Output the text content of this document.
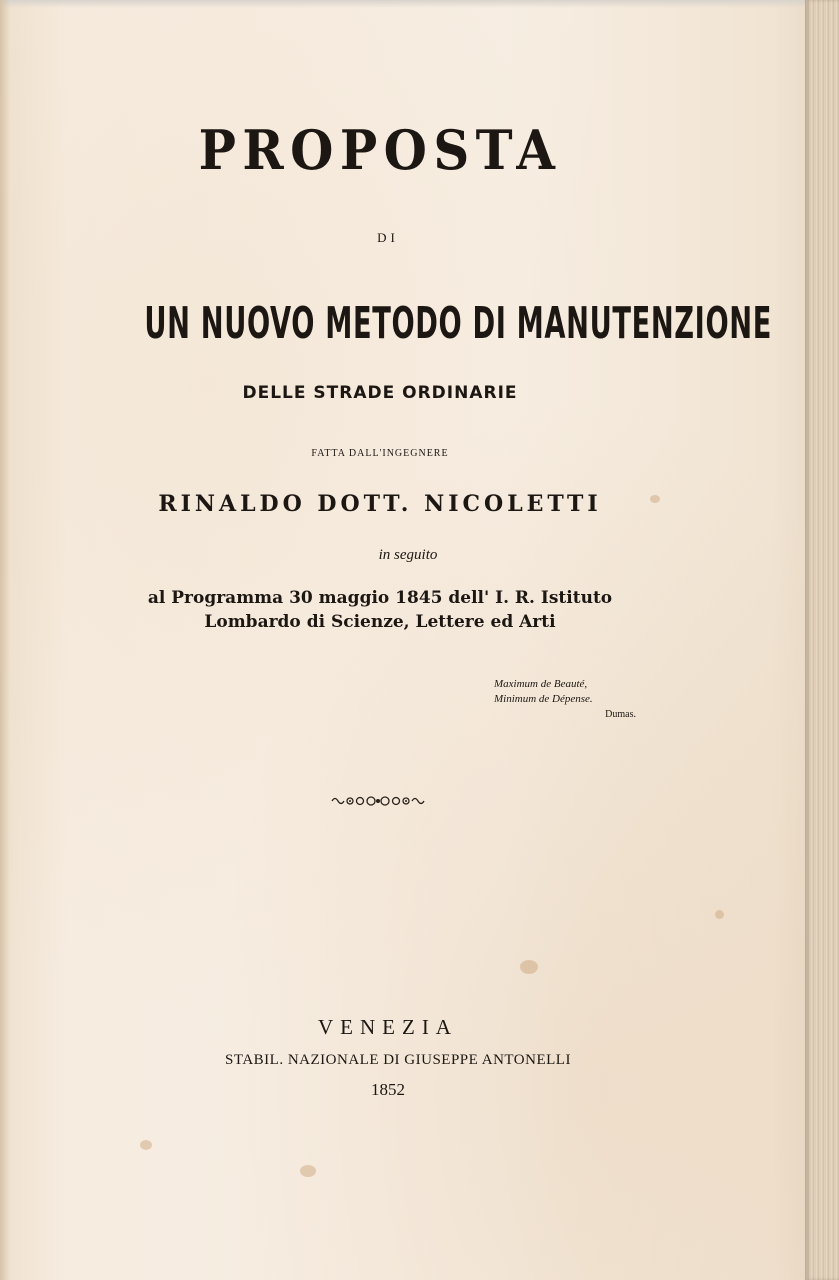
PROPOSTA
DI
UN NUOVO METODO DI MANUTENZIONE
DELLE STRADE ORDINARIE
FATTA DALL'INGEGNERE
RINALDO DOTT. NICOLETTI
in seguito
al Programma 30 maggio 1845 dell' I. R. Istituto
Lombardo di Scienze, Lettere ed Arti
Maximum de Beauté,
Minimum de Dépense.
Dumas.
VENEZIA
STABIL. NAZIONALE DI GIUSEPPE ANTONELLI
1852
